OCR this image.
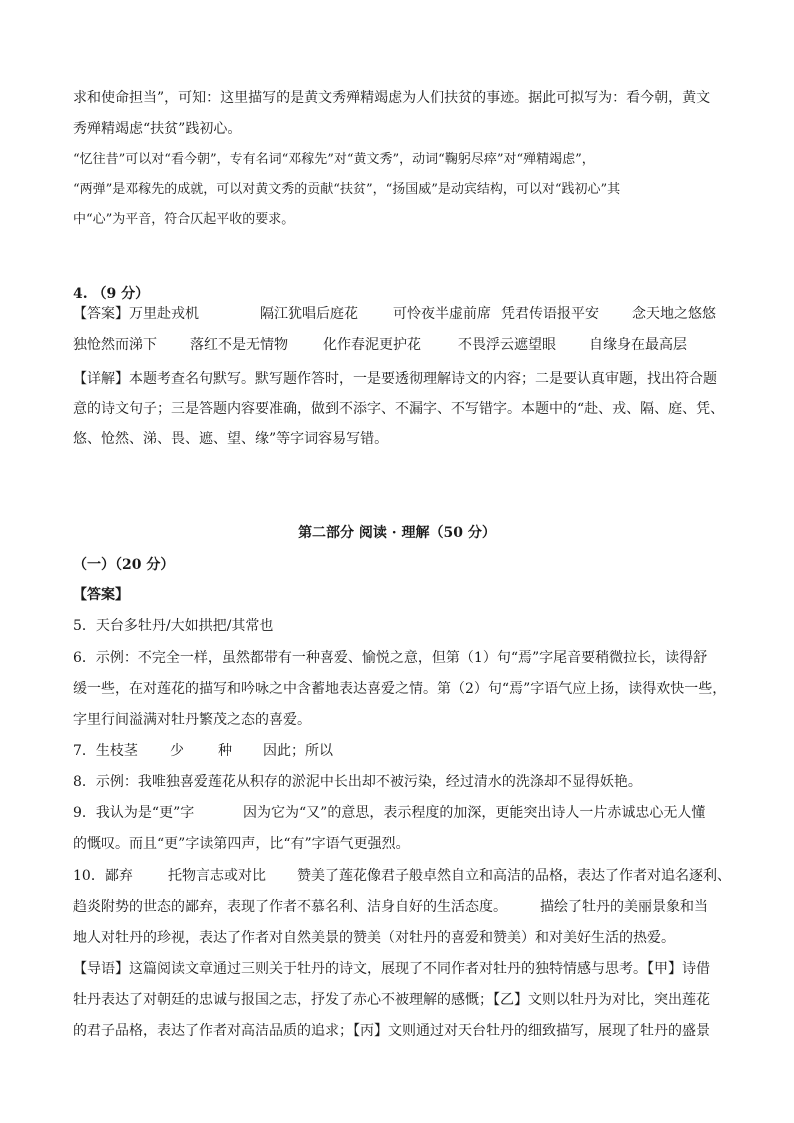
求和使命担当”，可知：这里描写的是黄文秀殚精竭虑为人们扶贫的事迹。据此可拟写为：看今朝，黄文
秀殚精竭虑“扶贫”践初心。
“忆往昔”可以对“看今朝”，专有名词“邓稼先”对“黄文秀”，动词“鞠躬尽瘁”对“殚精竭虑”，
“两弹”是邓稼先的成就，可以对黄文秀的贡献“扶贫”，“扬国威”是动宾结构，可以对“践初心”其
中“心”为平音，符合仄起平收的要求。
4. （9 分）
【答案】 万里赴戎机	隔江犹唱后庭花	可怜夜半虚前席 凭君传语报平安 念天地之悠悠
独怆然而涕下 落红不是无情物	化作春泥更护花	不畏浮云遮望眼 自缘身在最高层
【详解】本题考查名句默写。默写题作答时，一是要透彻理解诗文的内容；二是要认真审题，找出符合题
意的诗文句子；三是答题内容要准确，做到不添字、不漏字、不写错字。本题中的“赴、戎、隔、庭、凭、
悠、怆然、涕、畏、遮、望、缘”等字词容易写错。
第二部分 阅读 · 理解（50 分）
（一）（20 分）
【答案】
5．天台多牡丹/大如拱把/其常也
6．示例：不完全一样，虽然都带有一种喜爱、愉悦之意，但第（1）句“焉”字尾音要稍微拉长，读得舒
缓一些，在对莲花的描写和吟咏之中含蓄地表达喜爱之情。第（2）句“焉”字语气应上扬，读得欢快一些，
字里行间溢满对牡丹繁茂之态的喜爱。
7．生枝茎 少 种 因此；所以
8．示例：我唯独喜爱莲花从积存的淤泥中长出却不被污染，经过清水的洗涤却不显得妖艳。
9．我认为是“更”字	因为它为“又”的意思，表示程度的加深，更能突出诗人一片赤诚忠心无人懂
的慨叹。而且“更”字读第四声，比“有”字语气更强烈。
10．鄙弃	托物言志或对比 赞美了莲花像君子般卓然自立和高洁的品格，表达了作者对追名逐利、
趋炎附势的世态的鄙弃，表现了作者不慕名利、洁身自好的生活态度。 描绘了牡丹的美丽景象和当
地人对牡丹的珍视，表达了作者对自然美景的赞美（对牡丹的喜爱和赞美）和对美好生活的热爱。
【导语】这篇阅读文章通过三则关于牡丹的诗文，展现了不同作者对牡丹的独特情感与思考。【甲】诗借
牡丹表达了对朝廷的忠诚与报国之志，抒发了赤心不被理解的感慨；【乙】文则以牡丹为对比，突出莲花
的君子品格，表达了作者对高洁品质的追求；【丙】文则通过对天台牡丹的细致描写，展现了牡丹的盛景
